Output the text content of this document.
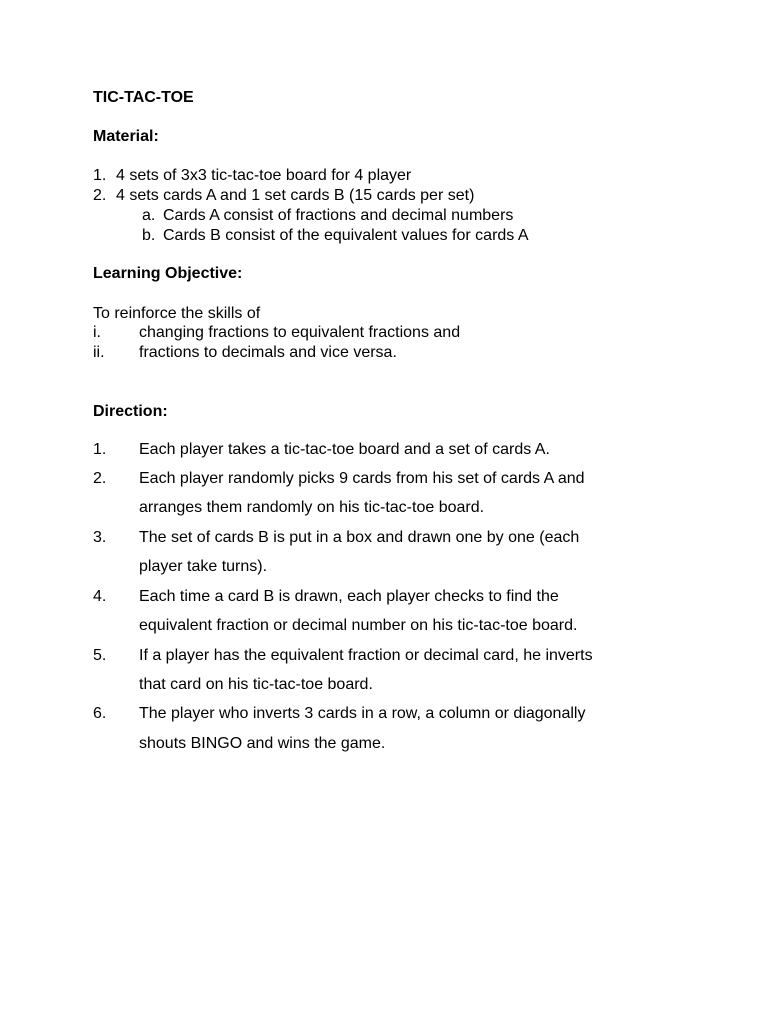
TIC-TAC-TOE
Material:
1. 4 sets of 3x3 tic-tac-toe board for 4 player
2. 4 sets cards A and 1 set cards B (15 cards per set)
a. Cards A consist of fractions and decimal numbers
b. Cards B consist of the equivalent values for cards A
Learning Objective:
To reinforce the skills of
i. changing fractions to equivalent fractions and
ii. fractions to decimals and vice versa.
Direction:
1. Each player takes a tic-tac-toe board and a set of cards A.
2. Each player randomly picks 9 cards from his set of cards A and
arranges them randomly on his tic-tac-toe board.
3. The set of cards B is put in a box and drawn one by one (each
player take turns).
4. Each time a card B is drawn, each player checks to find the
equivalent fraction or decimal number on his tic-tac-toe board.
5. If a player has the equivalent fraction or decimal card, he inverts
that card on his tic-tac-toe board.
6. The player who inverts 3 cards in a row, a column or diagonally
shouts BINGO and wins the game.
